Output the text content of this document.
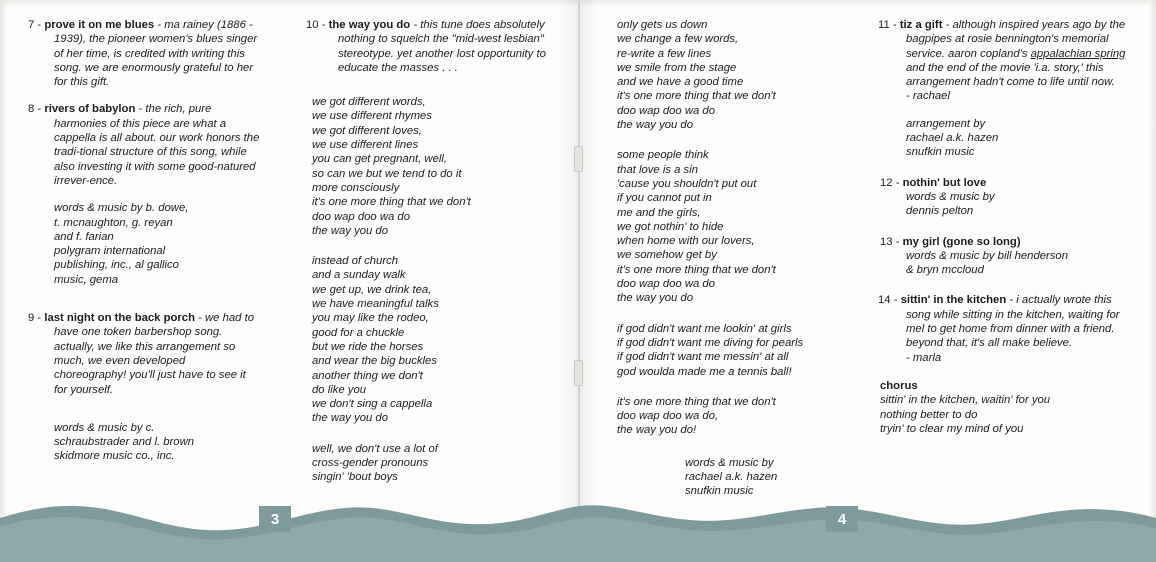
7 - prove it on me blues - ma rainey (1886 - 1939), the pioneer women's blues singer of her time, is credited with writing this song. we are enormously grateful to her for this gift.

8 - rivers of babylon - the rich, pure harmonies of this piece are what a cappella is all about. our work honors the tradi-tional structure of this song, while also investing it with some good-natured irrever-ence.

words & music by b. dowe,
t. mcnaughton, g. reyan
and f. farian
polygram international
publishing, inc., al gallico
music, gema

9 - last night on the back porch - we had to have one token barbershop song. actually, we like this arrangement so much, we even developed choreography! you'll just have to see it for yourself.

words & music by c.
schraubstrader and l. brown
skidmore music co., inc.

10 - the way you do - this tune does absolutely nothing to squelch the "mid-west lesbian" stereotype. yet another lost opportunity to educate the masses . . .

we got different words,
we use different rhymes
we got different loves,
we use different lines
you can get pregnant, well,
so can we but we tend to do it
more consciously
it's one more thing that we don't
doo wap doo wa do
the way you do
instead of church
and a sunday walk
we get up, we drink tea,
we have meaningful talks
you may like the rodeo,
good for a chuckle
but we ride the horses
and wear the big buckles
another thing we don't
do like you
we don't sing a cappella
the way you do
well, we don't use a lot of
cross-gender pronouns
singin' 'bout boys
only gets us down
we change a few words,
re-write a few lines
we smile from the stage
and we have a good time
it's one more thing that we don't
doo wap doo wa do
the way you do
some people think
that love is a sin
'cause you shouldn't put out
if you cannot put in
me and the girls,
we got nothin' to hide
when home with our lovers,
we somehow get by
it's one more thing that we don't
doo wap doo wa do
the way you do
if god didn't want me lookin' at girls
if god didn't want me diving for pearls
if god didn't want me messin' at all
god woulda made me a tennis ball!
it's one more thing that we don't
doo wap doo wa do,
the way you do!
words & music by
rachael a.k. hazen
snufkin music

11 - tiz a gift - although inspired years ago by the bagpipes at rosie bennington's memorial service. aaron copland's appalachian spring and the end of the movie 'i.a. story,' this arrangement hadn't come to life until now.

- rachael

arrangement by
rachael a.k. hazen
snufkin music

12 - nothin' but love

words & music by
dennis pelton

13 - my girl (gone so long)

words & music by bill henderson
& bryn mccloud

14 - sittin' in the kitchen - i actually wrote this song while sitting in the kitchen, waiting for mel to get home from dinner with a friend. beyond that, it's all make believe.

- marla

chorus

sittin' in the kitchen, waitin' for you
nothing better to do
tryin' to clear my mind of you
3	4
